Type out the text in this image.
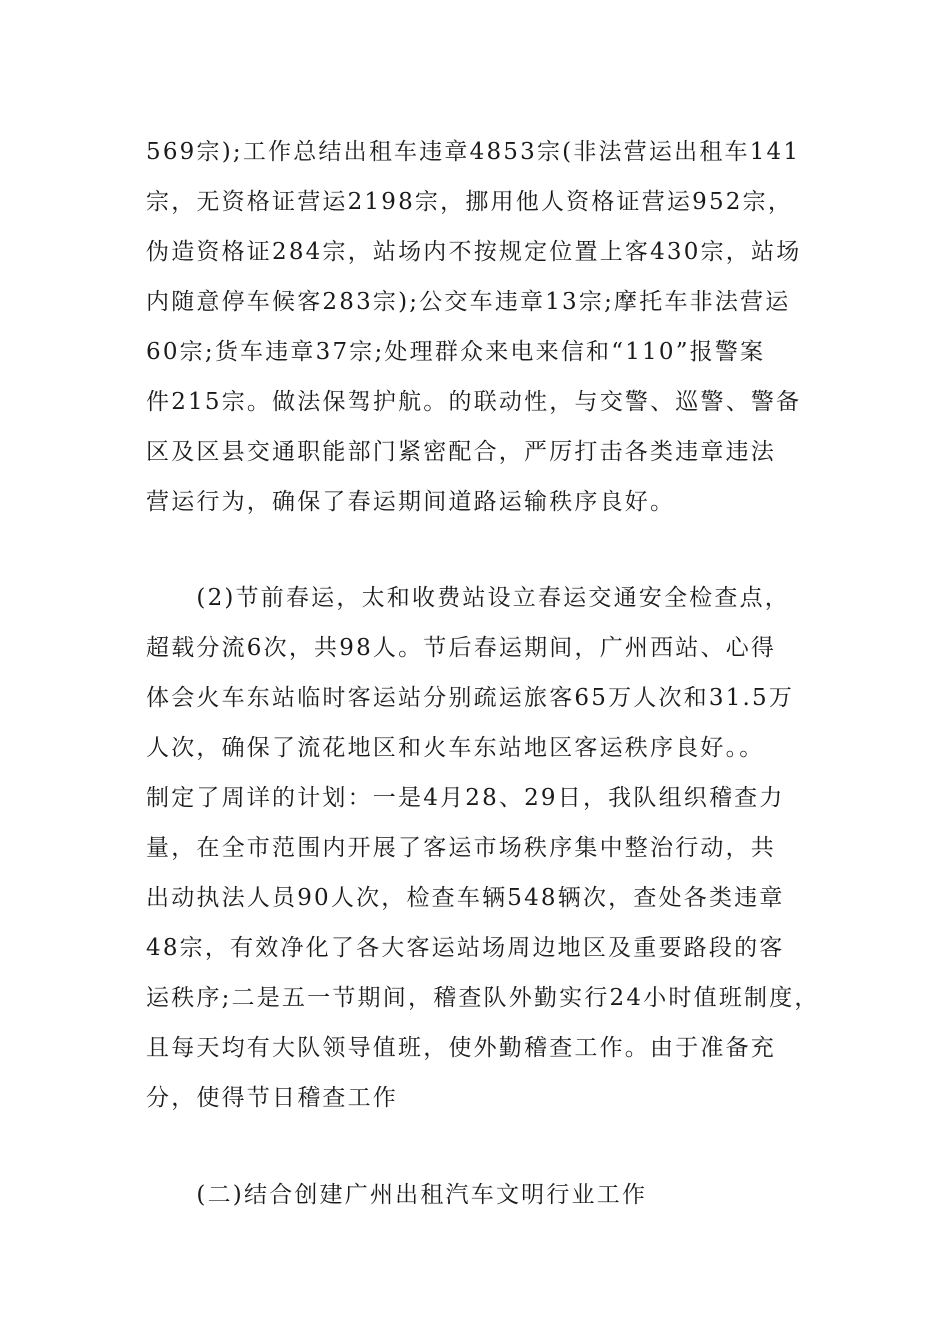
569宗);工作总结出租车违章4853宗(非法营运出租车141
宗，无资格证营运2198宗，挪用他人资格证营运952宗，
伪造资格证284宗，站场内不按规定位置上客430宗，站场
内随意停车候客283宗);公交车违章13宗;摩托车非法营运
60宗;货车违章37宗;处理群众来电来信和“110”报警案
件215宗。做法保驾护航。的联动性，与交警、巡警、警备
区及区县交通职能部门紧密配合，严厉打击各类违章违法
营运行为，确保了春运期间道路运输秩序良好。
　　(2)节前春运，太和收费站设立春运交通安全检查点，
超载分流6次，共98人。节后春运期间，广州西站、心得
体会火车东站临时客运站分别疏运旅客65万人次和31.5万
人次，确保了流花地区和火车东站地区客运秩序良好。。
制定了周详的计划：一是4月28、29日，我队组织稽查力
量，在全市范围内开展了客运市场秩序集中整治行动，共
出动执法人员90人次，检查车辆548辆次，查处各类违章
48宗，有效净化了各大客运站场周边地区及重要路段的客
运秩序;二是五一节期间，稽查队外勤实行24小时值班制度，
且每天均有大队领导值班，使外勤稽查工作。由于准备充
分，使得节日稽查工作
　　(二)结合创建广州出租汽车文明行业工作
